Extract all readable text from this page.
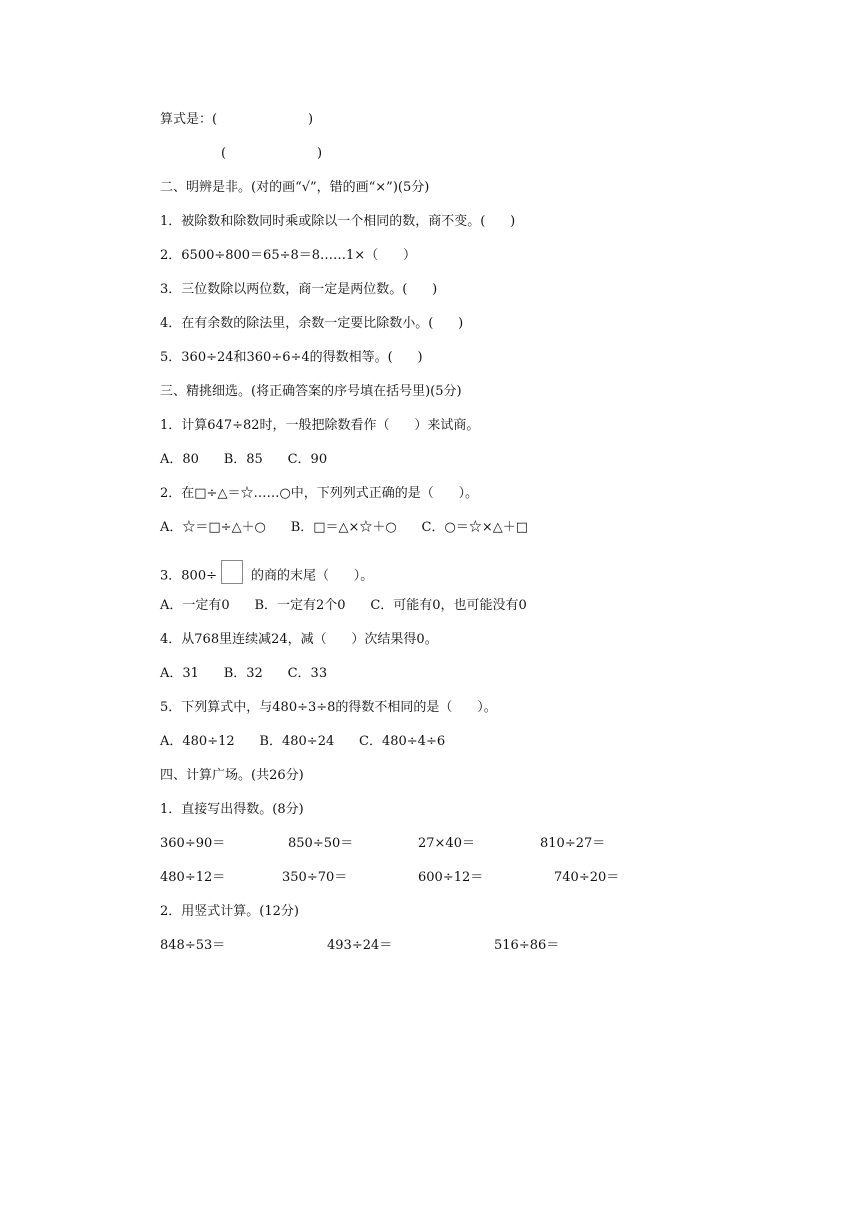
算式是：(                      )
(                      )
二、明辨是非。(对的画“√”，错的画“×”)(5分)
1．被除数和除数同时乘或除以一个相同的数，商不变。(      )
2．6500÷800＝65÷8＝8……1×（      ）
3．三位数除以两位数，商一定是两位数。(      )
4．在有余数的除法里，余数一定要比除数小。(      )
5．360÷24和360÷6÷4的得数相等。(      )
三、精挑细选。(将正确答案的序号填在括号里)(5分)
1．计算647÷82时，一般把除数看作（      ）来试商。
A．80      B．85      C．90
2．在□÷△＝☆……○中，下列列式正确的是（      ）。
A．☆＝□÷△＋○      B．□＝△×☆＋○      C．○＝☆×△＋□
3．800÷	的商的末尾（      ）。
A．一定有0      B．一定有2个0      C．可能有0，也可能没有0
4．从768里连续减24，减（      ）次结果得0。
A．31      B．32      C．33
5．下列算式中，与480÷3÷8的得数不相同的是（      ）。
A．480÷12      B．480÷24      C．480÷4÷6
四、计算广场。(共26分)
1．直接写出得数。(8分)
360÷90＝	850÷50＝	27×40＝	810÷27＝
480÷12＝	350÷70＝	600÷12＝	740÷20＝
2．用竖式计算。(12分)
848÷53＝	493÷24＝	516÷86＝
